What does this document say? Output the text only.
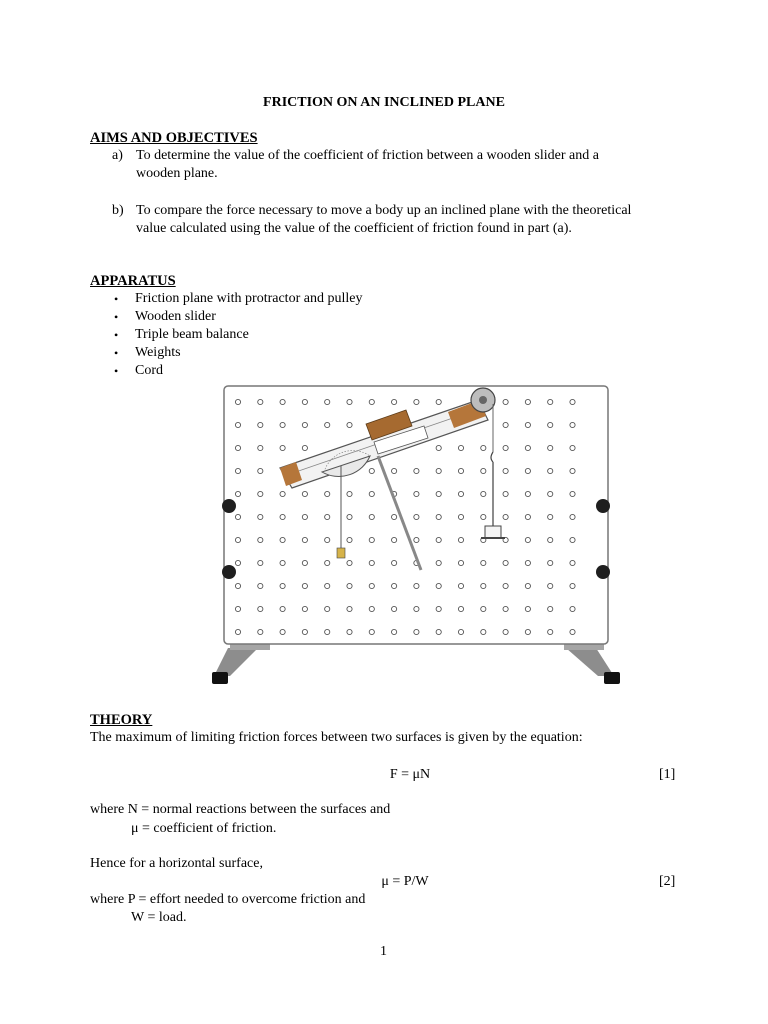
FRICTION ON AN INCLINED PLANE
AIMS AND OBJECTIVES
a) To determine the value of the coefficient of friction between a wooden slider and a
wooden plane.
b) To compare the force necessary to move a body up an inclined plane with the theoretical
value calculated using the value of the coefficient of friction found in part (a).
APPARATUS
• Friction plane with protractor and pulley
• Wooden slider
• Triple beam balance
• Weights
• Cord
THEORY
The maximum of limiting friction forces between two surfaces is given by the equation:
F = μN	[1]
where N = normal reactions between the surfaces and
μ = coefficient of friction.
Hence for a horizontal surface,
μ = P/W	[2]
where P = effort needed to overcome friction and
W = load.
1
